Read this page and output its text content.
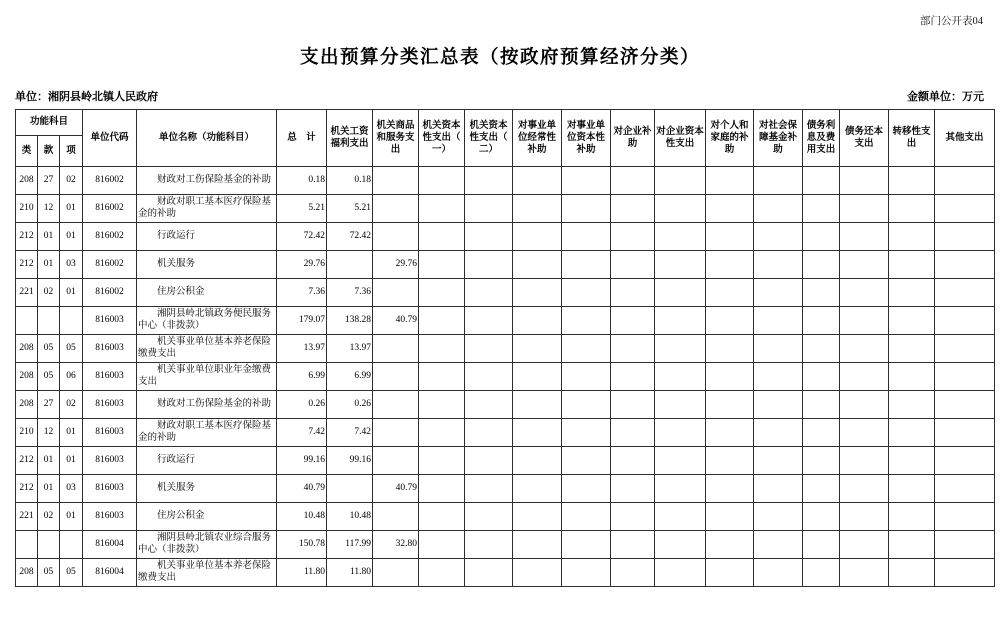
部门公开表04
支出预算分类汇总表（按政府预算经济分类）
单位：湘阴县岭北镇人民政府	金额单位：万元
功能科目			单位代码	单位名称（功能科目）	总　计	机关工资福利支出	机关商品和服务支出	机关资本性支出（一）	机关资本性支出（二）	对事业单位经常性补助	对事业单位资本性补助	对企业补助	对企业资本性支出	对个人和家庭的补助	对社会保障基金补助	债务利息及费用支出	债务还本支出	转移性支出	其他支出
类	款	项																	
208	27	02	816002	财政对工伤保险基金的补助	0.18	0.18													
210	12	01	816002	财政对职工基本医疗保险基金的补助	5.21	5.21													
212	01	01	816002	行政运行	72.42	72.42													
212	01	03	816002	机关服务	29.76		29.76												
221	02	01	816002	住房公积金	7.36	7.36													
			816003	湘阴县岭北镇政务便民服务中心（非拨款）	179.07	138.28	40.79												
208	05	05	816003	机关事业单位基本养老保险缴费支出	13.97	13.97													
208	05	06	816003	机关事业单位职业年金缴费支出	6.99	6.99													
208	27	02	816003	财政对工伤保险基金的补助	0.26	0.26													
210	12	01	816003	财政对职工基本医疗保险基金的补助	7.42	7.42													
212	01	01	816003	行政运行	99.16	99.16													
212	01	03	816003	机关服务	40.79		40.79												
221	02	01	816003	住房公积金	10.48	10.48													
			816004	湘阴县岭北镇农业综合服务中心（非拨款）	150.78	117.99	32.80												
208	05	05	816004	机关事业单位基本养老保险缴费支出	11.80	11.80													
